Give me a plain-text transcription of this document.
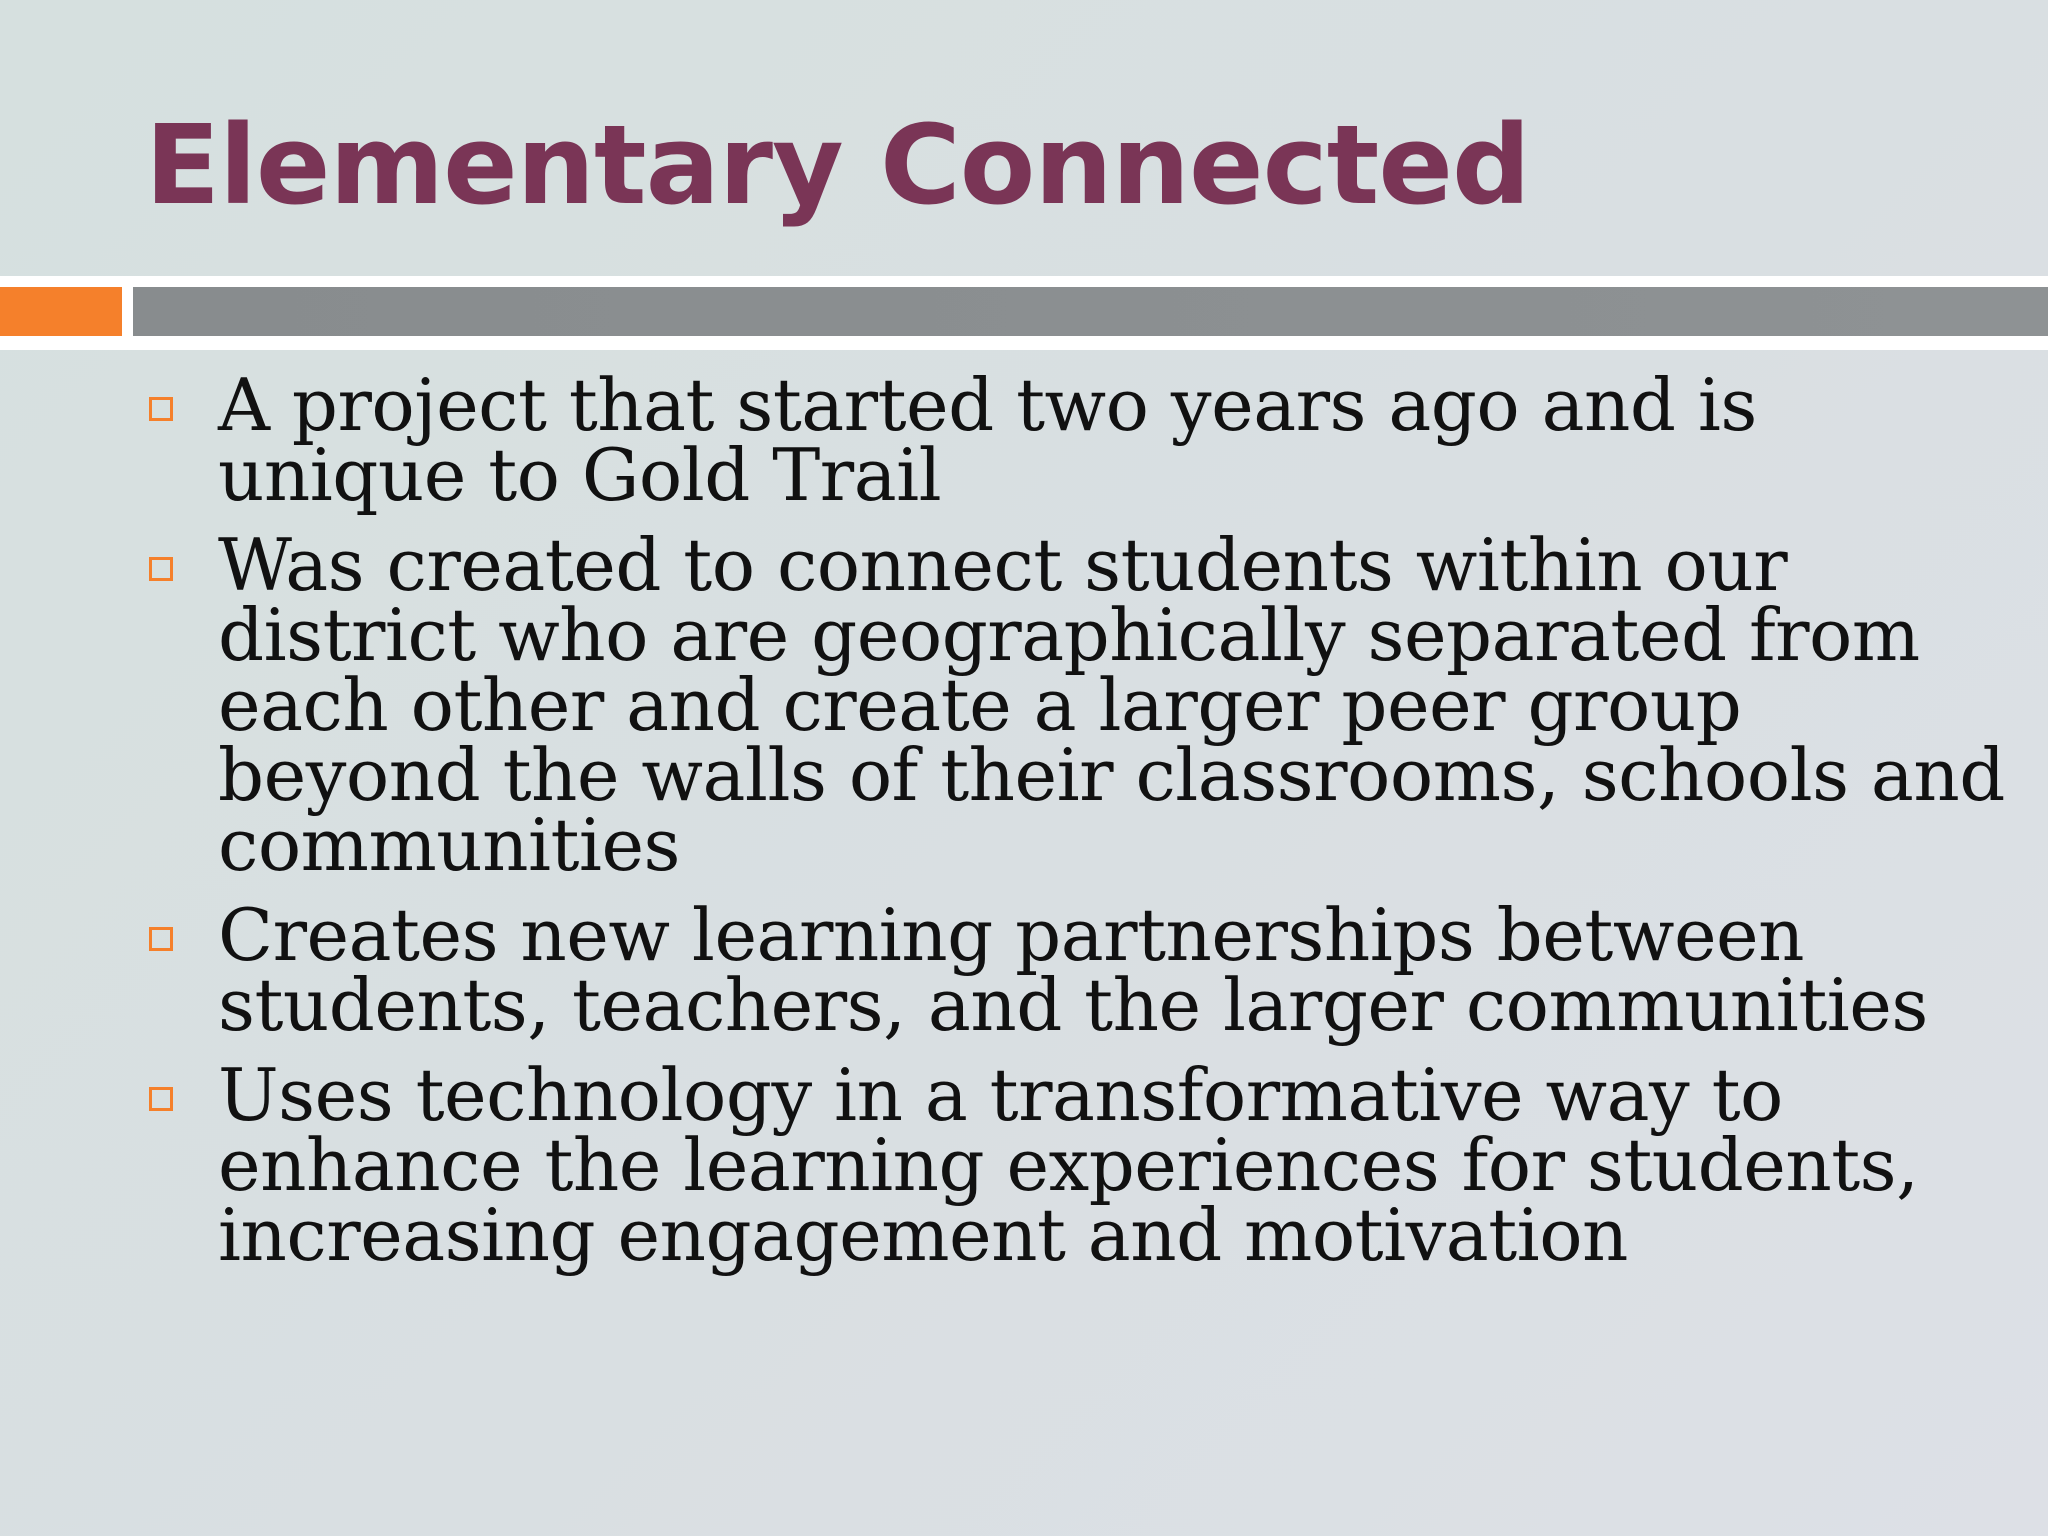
Elementary Connected
A project that started two years ago and is unique to Gold Trail
Was created to connect students within our district who are geographically separated from each other and create a larger peer group beyond the walls of their classrooms, schools and communities
Creates new learning partnerships between students, teachers, and the larger communities
Uses technology in a transformative way to enhance the learning experiences for students, increasing engagement and motivation
